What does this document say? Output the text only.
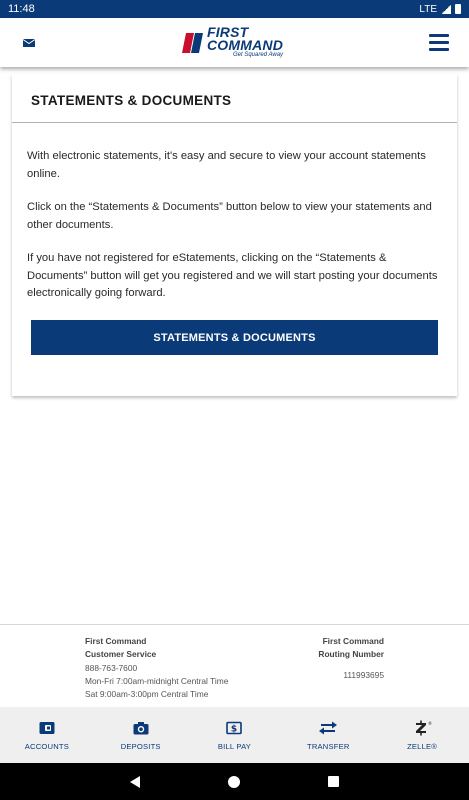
11:48	LTE
FIRST
COMMAND
Get Squared Away
STATEMENTS & DOCUMENTS

With electronic statements, it's easy and secure to view your account statements online.

Click on the “Statements & Documents” button below to view your statements and other documents.

If you have not registered for eStatements, clicking on the “Statements & Documents” button will get you registered and we will start posting your documents electronically going forward.

STATEMENTS & DOCUMENTS
First Command
Customer Service
888-763-7600
Mon-Fri 7:00am-midnight Central Time
Sat 9:00am-3:00pm Central Time
First Command
Routing Number
111993695
ACCOUNTS	DEPOSITS
$
BILL PAY	TRANSFER
®
ZELLE®
